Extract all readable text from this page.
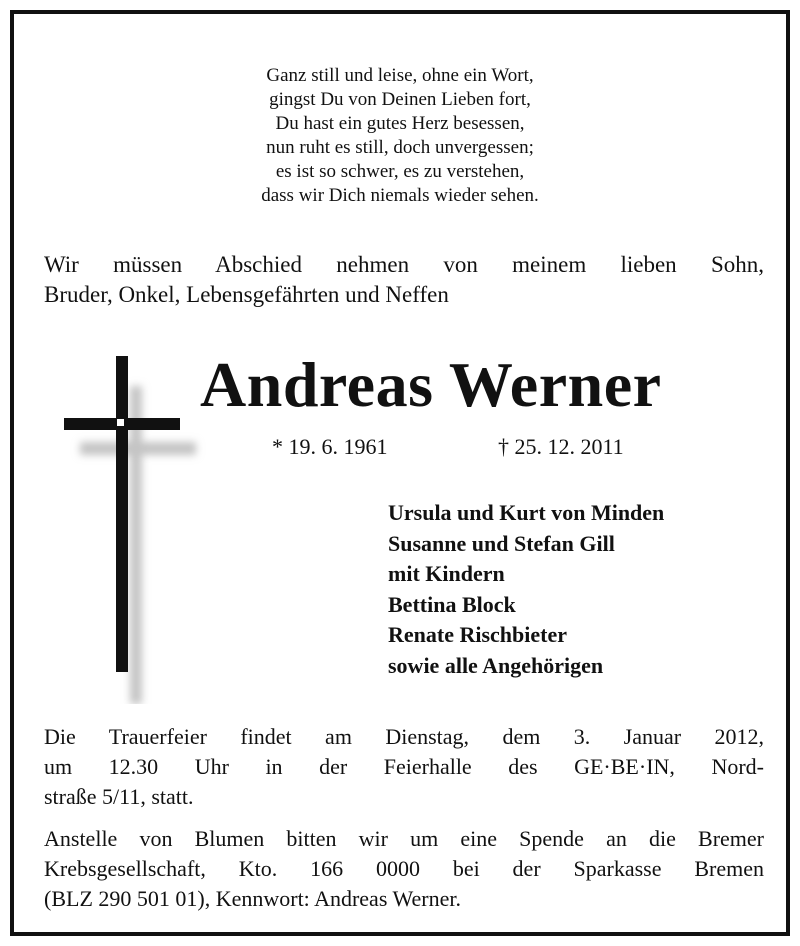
Ganz still und leise, ohne ein Wort,
gingst Du von Deinen Lieben fort,
Du hast ein gutes Herz besessen,
nun ruht es still, doch unvergessen;
es ist so schwer, es zu verstehen,
dass wir Dich niemals wieder sehen.
Wir müssen Abschied nehmen von meinem lieben Sohn,
Bruder, Onkel, Lebensgefährten und Neffen
Andreas Werner
* 19. 6. 1961	† 25. 12. 2011
Ursula und Kurt von Minden
Susanne und Stefan Gill
mit Kindern
Bettina Block
Renate Rischbieter
sowie alle Angehörigen
Die Trauerfeier findet am Dienstag, dem 3. Januar 2012,
um 12.30 Uhr in der Feierhalle des GE·BE·IN, Nord-
straße 5/11, statt.
Anstelle von Blumen bitten wir um eine Spende an die Bremer
Krebsgesellschaft, Kto. 166 0000 bei der Sparkasse Bremen
(BLZ 290 501 01), Kennwort: Andreas Werner.
